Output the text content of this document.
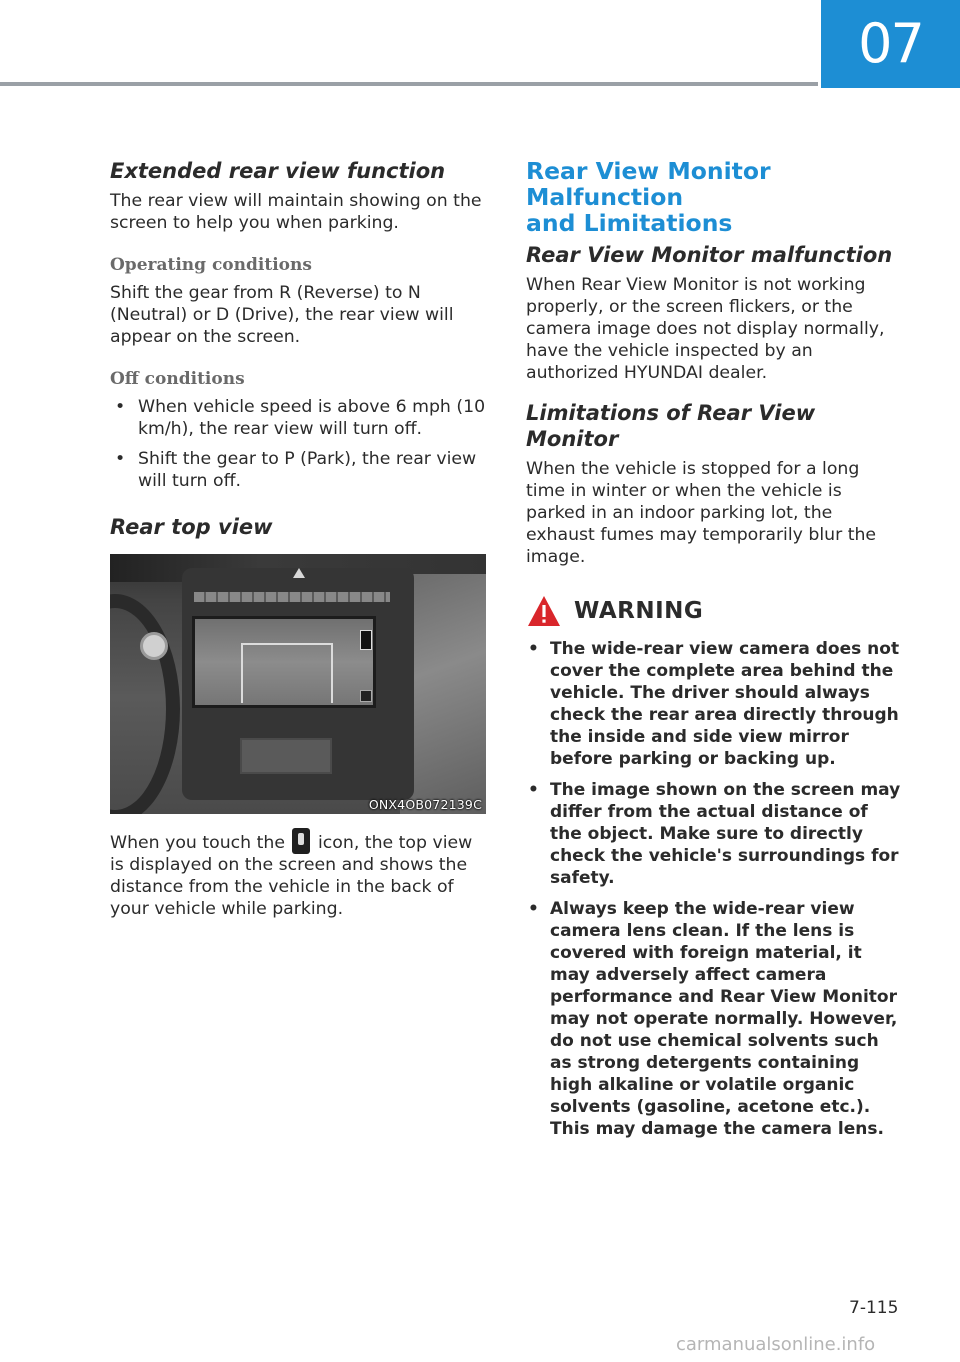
07
Extended rear view function

The rear view will maintain showing on the screen to help you when parking.

Operating conditions

Shift the gear from R (Reverse) to N (Neutral) or D (Drive), the rear view will appear on the screen.

Off conditions
• When vehicle speed is above 6 mph (10 km/h), the rear view will turn off.
• Shift the gear to P (Park), the rear view will turn off.
Rear top view
ONX4OB072139C

When you touch the icon, the top view is displayed on the screen and shows the distance from the vehicle in the back of your vehicle while parking.

Rear View Monitor Malfunction
and Limitations
Rear View Monitor malfunction

When Rear View Monitor is not working properly, or the screen flickers, or the camera image does not display normally, have the vehicle inspected by an authorized HYUNDAI dealer.

Limitations of Rear View Monitor

When the vehicle is stopped for a long time in winter or when the vehicle is parked in an indoor parking lot, the exhaust fumes may temporarily blur the image.

WARNING
• The wide-rear view camera does not cover the complete area behind the vehicle. The driver should always check the rear area directly through the inside and side view mirror before parking or backing up.
• The image shown on the screen may differ from the actual distance of the object. Make sure to directly check the vehicle's surroundings for safety.
• Always keep the wide-rear view camera lens clean. If the lens is covered with foreign material, it may adversely affect camera performance and Rear View Monitor may not operate normally. However, do not use chemical solvents such as strong detergents containing high alkaline or volatile organic solvents (gasoline, acetone etc.). This may damage the camera lens.
7-115
carmanualsonline.info
